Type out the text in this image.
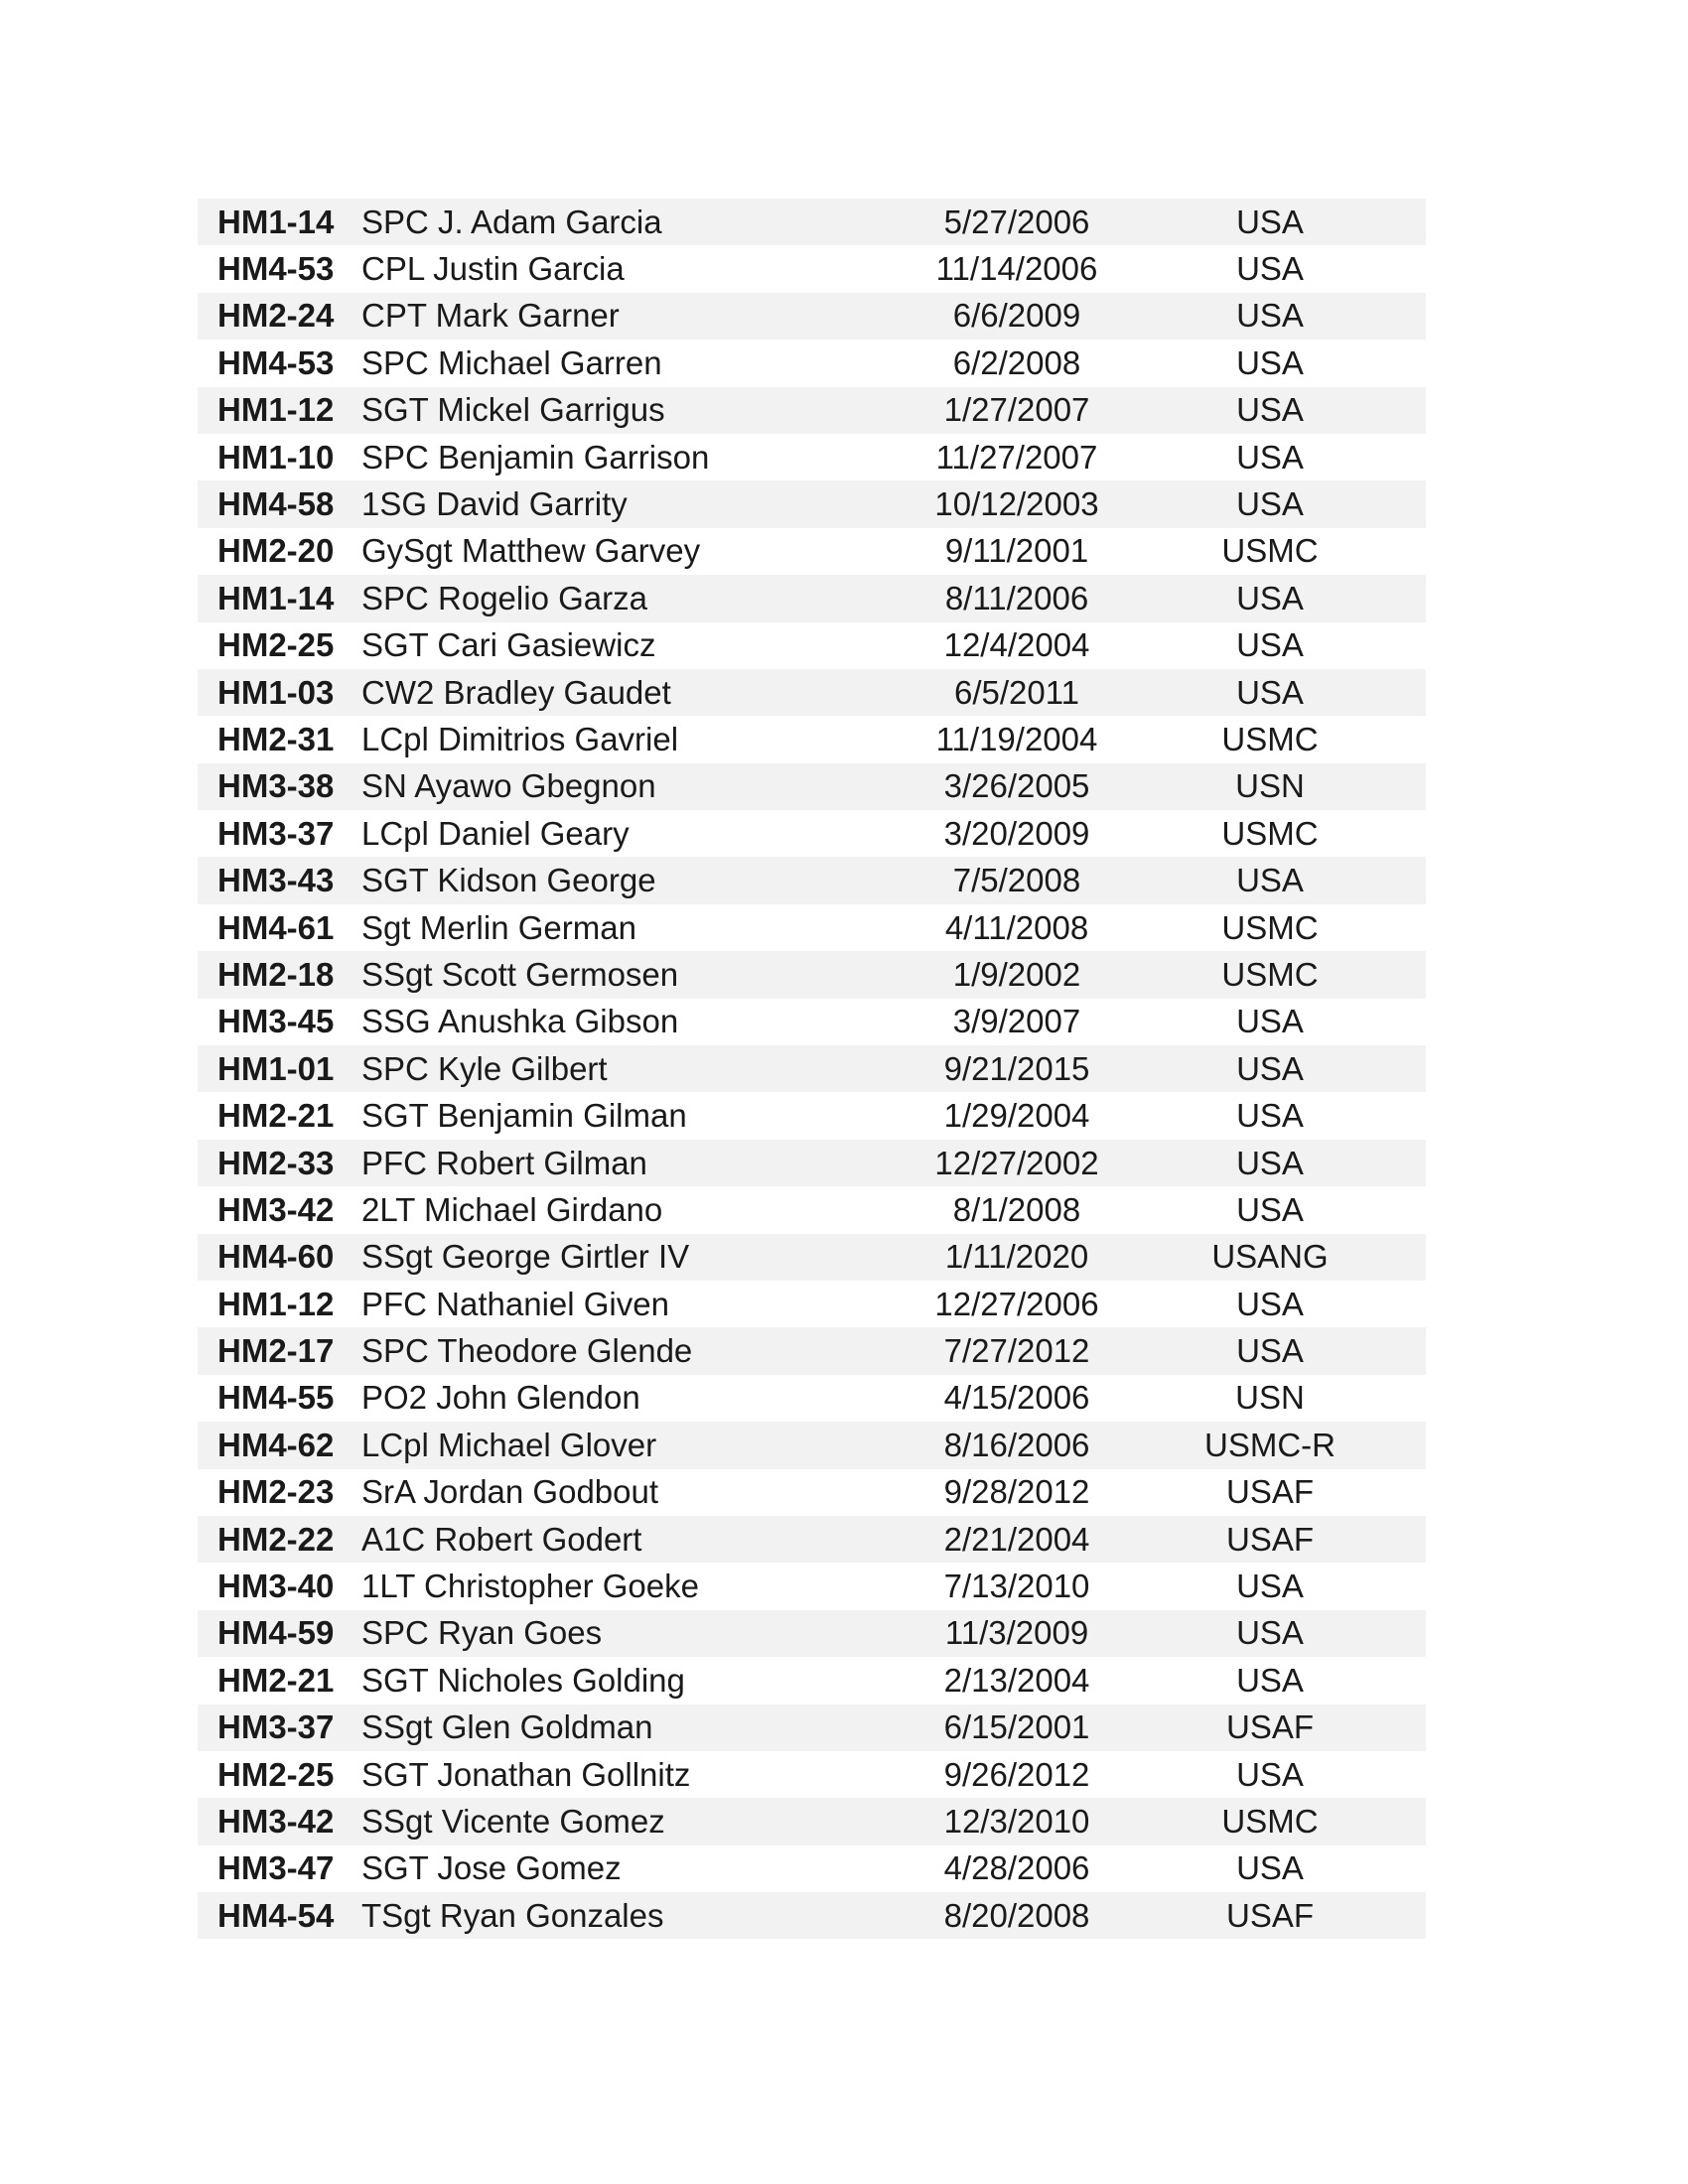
HM1-14 SPC J. Adam Garcia	5/27/2006	USA
HM4-53 CPL Justin Garcia	11/14/2006	USA
HM2-24 CPT Mark Garner	6/6/2009	USA
HM4-53 SPC Michael Garren	6/2/2008	USA
HM1-12 SGT Mickel Garrigus	1/27/2007	USA
HM1-10 SPC Benjamin Garrison	11/27/2007	USA
HM4-58 1SG David Garrity	10/12/2003	USA
HM2-20 GySgt Matthew Garvey	9/11/2001	USMC
HM1-14 SPC Rogelio Garza	8/11/2006	USA
HM2-25 SGT Cari Gasiewicz	12/4/2004	USA
HM1-03 CW2 Bradley Gaudet	6/5/2011	USA
HM2-31 LCpl Dimitrios Gavriel	11/19/2004	USMC
HM3-38 SN Ayawo Gbegnon	3/26/2005	USN
HM3-37 LCpl Daniel Geary	3/20/2009	USMC
HM3-43 SGT Kidson George	7/5/2008	USA
HM4-61 Sgt Merlin German	4/11/2008	USMC
HM2-18 SSgt Scott Germosen	1/9/2002	USMC
HM3-45 SSG Anushka Gibson	3/9/2007	USA
HM1-01 SPC Kyle Gilbert	9/21/2015	USA
HM2-21 SGT Benjamin Gilman	1/29/2004	USA
HM2-33 PFC Robert Gilman	12/27/2002	USA
HM3-42 2LT Michael Girdano	8/1/2008	USA
HM4-60 SSgt George Girtler IV	1/11/2020	USANG
HM1-12 PFC Nathaniel Given	12/27/2006	USA
HM2-17 SPC Theodore Glende	7/27/2012	USA
HM4-55 PO2 John Glendon	4/15/2006	USN
HM4-62 LCpl Michael Glover	8/16/2006	USMC-R
HM2-23 SrA Jordan Godbout	9/28/2012	USAF
HM2-22 A1C Robert Godert	2/21/2004	USAF
HM3-40 1LT Christopher Goeke	7/13/2010	USA
HM4-59 SPC Ryan Goes	11/3/2009	USA
HM2-21 SGT Nicholes Golding	2/13/2004	USA
HM3-37 SSgt Glen Goldman	6/15/2001	USAF
HM2-25 SGT Jonathan Gollnitz	9/26/2012	USA
HM3-42 SSgt Vicente Gomez	12/3/2010	USMC
HM3-47 SGT Jose Gomez	4/28/2006	USA
HM4-54 TSgt Ryan Gonzales	8/20/2008	USAF
